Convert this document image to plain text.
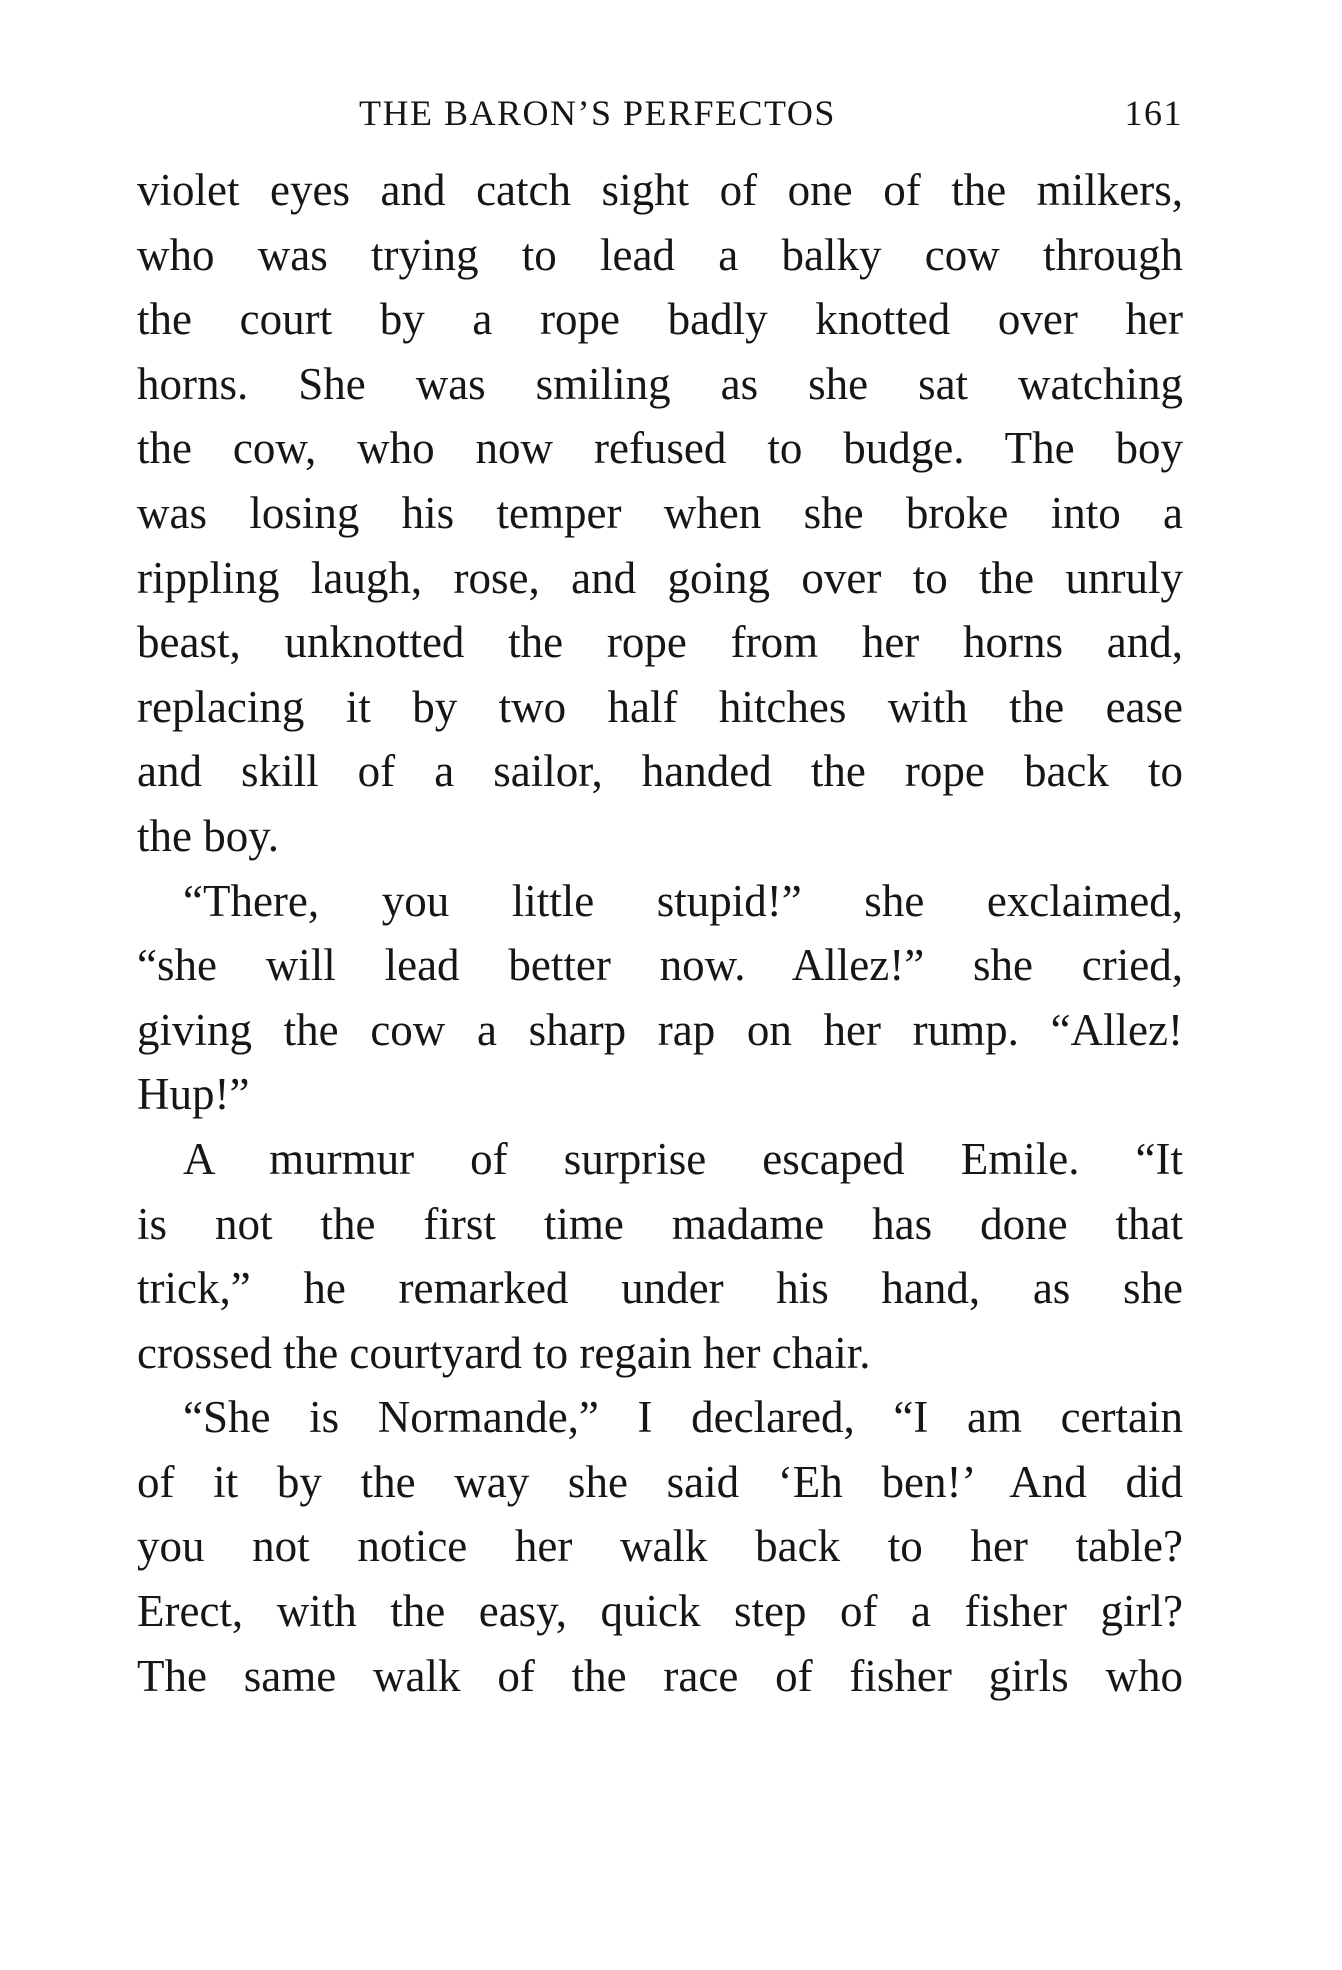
THE BARON’S PERFECTOS	161
violet eyes and catch sight of one of the milkers,
who was trying to lead a balky cow through
the court by a rope badly knotted over her
horns. She was smiling as she sat watching
the cow, who now refused to budge. The boy
was losing his temper when she broke into a
rippling laugh, rose, and going over to the unruly
beast, unknotted the rope from her horns and,
replacing it by two half hitches with the ease
and skill of a sailor, handed the rope back to
the boy.
“There, you little stupid!” she exclaimed,
“she will lead better now. Allez!” she cried,
giving the cow a sharp rap on her rump. “Allez!
Hup!”
A murmur of surprise escaped Emile. “It
is not the first time madame has done that
trick,” he remarked under his hand, as she
crossed the courtyard to regain her chair.
“She is Normande,” I declared, “I am certain
of it by the way she said ‘Eh ben!’ And did
you not notice her walk back to her table?
Erect, with the easy, quick step of a fisher girl?
The same walk of the race of fisher girls who
